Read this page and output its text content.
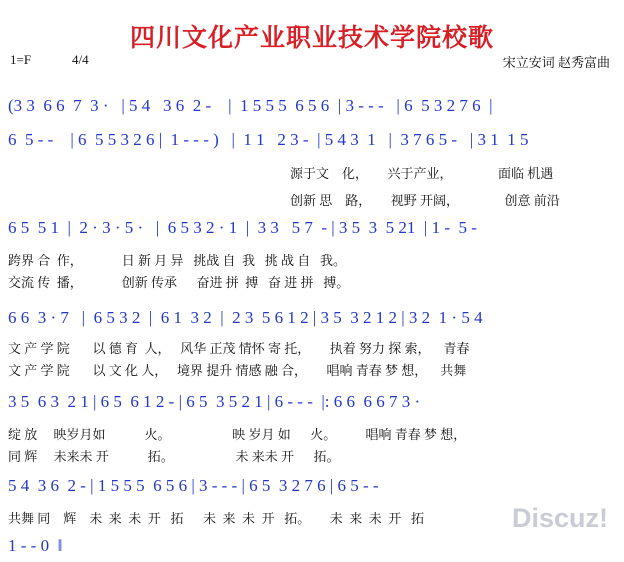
四川文化产业职业技术学院校歌
1=F	4/4	宋立安词 赵秀富曲
(3 3  6 6  7  3 ·   | 5 4   3 6  2 -    |  1 5 5 5  6 5 6  | 3 - - -   | 6  5 3 2 7 6  |
6  5 - -    | 6  5 5 3 2 6 |  1 - - - )   |  1 1   2 3 -  | 5 4 3  1   |  3 7 6 5 -   | 3 1  1 5
源于文    化，      兴于产业，              面临 机遇
创新 思    路，      视野 开阔，              创意 前沿
6 5  5 1  |  2 · 3 · 5 ·   |  6 5 3 2 · 1  |  3 3   5 7  - | 3 5  3  5 21  | 1 -  5 -
跨界 合  作，            日 新 月 异   挑战 自  我   挑 战 自   我。
交流 传  播，            创新 传承      奋进 拼  搏   奋 进 拼   搏。
6 6  3 · 7   |  6 5 3 2  |  6 1  3 2  |  2 3  5 6 1 2 | 3 5  3 2 1 2 | 3 2  1 · 5 4
文 产 学 院       以 德 育  人，   风华 正茂 情怀 寄 托，      执着 努力 探 索，    青春
文 产 学 院       以 文 化 人，   境界 提升 情感 融 合，      唱响 青春 梦 想，    共舞
3 5  6 3  2 1 | 6 5  6 1 2 - | 6 5  3 5 2 1 | 6 - - -  |: 6 6  6 6 7 3 ·
绽 放     映岁月如            火。                   映 岁月 如      火。         唱响 青春 梦 想，
同 辉     未来未 开            拓。                   未 来未 开      拓。
5 4  3 6  2 - | 1 5 5 5  6 5 6 | 3 - - - | 6 5  3 2 7 6 | 6 5 - -
共舞 同    辉    未  来  未  开   拓      未  来  未  开   拓。      未  来  未  开   拓
1 - - 0  ‖
Discuz!
